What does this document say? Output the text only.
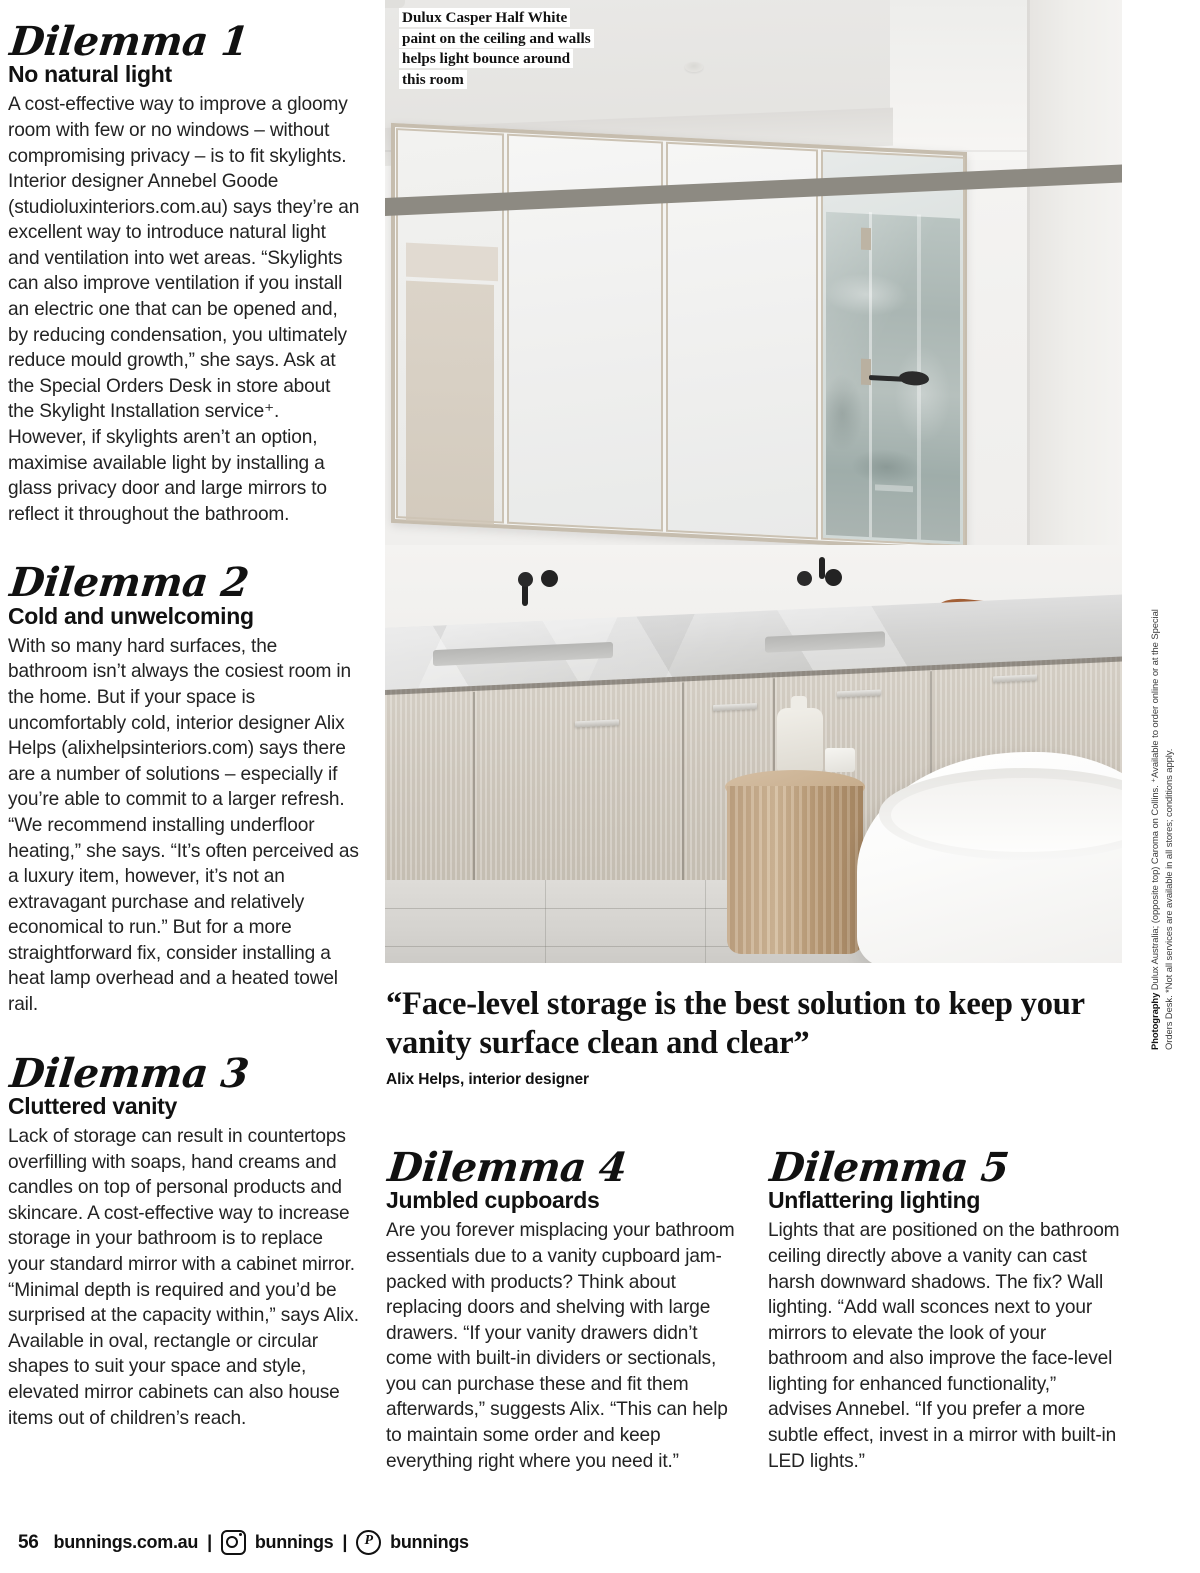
Dilemma 1

No natural light

A cost-effective way to improve a gloomy room with few or no windows – without compromising privacy – is to fit skylights. Interior designer Annebel Goode (studioluxinteriors.com.au) says they’re an excellent way to introduce natural light and ventilation into wet areas. “Skylights can also improve ventilation if you install an electric one that can be opened and, by reducing condensation, you ultimately reduce mould growth,” she says. Ask at the Special Orders Desk in store about the Skylight Installation service⁺. However, if skylights aren’t an option, maximise available light by installing a glass privacy door and large mirrors to reflect it throughout the bathroom.

Dilemma 2

Cold and unwelcoming

With so many hard surfaces, the bathroom isn’t always the cosiest room in the home. But if your space is uncomfortably cold, interior designer Alix Helps (alixhelpsinteriors.com) says there are a number of solutions – especially if you’re able to commit to a larger refresh. “We recommend installing underfloor heating,” she says. “It’s often perceived as a luxury item, however, it’s not an extravagant purchase and relatively economical to run.” But for a more straightforward fix, consider installing a heat lamp overhead and a heated towel rail.

Dilemma 3

Cluttered vanity

Lack of storage can result in countertops overfilling with soaps, hand creams and candles on top of personal products and skincare. A cost-effective way to increase storage in your bathroom is to replace your standard mirror with a cabinet mirror. “Minimal depth is required and you’d be surprised at the capacity within,” says Alix. Available in oval, rectangle or circular shapes to suit your space and style, elevated mirror cabinets can also house items out of children’s reach.

Dulux Casper Half White paint on the ceiling and walls helps light bounce around this room

“Face-level storage is the best solution to keep your vanity surface clean and clear”

Alix Helps, interior designer

Dilemma 4

Jumbled cupboards

Are you forever misplacing your bathroom essentials due to a vanity cupboard jam-packed with products? Think about replacing doors and shelving with large drawers. “If your vanity drawers didn’t come with built-in dividers or sectionals, you can purchase these and fit them afterwards,” suggests Alix. “This can help to maintain some order and keep everything right where you need it.”

Dilemma 5

Unflattering lighting

Lights that are positioned on the bathroom ceiling directly above a vanity can cast harsh downward shadows. The fix? Wall lighting. “Add wall sconces next to your mirrors to elevate the look of your bathroom and also improve the face-level lighting for enhanced functionality,” advises Annebel. “If you prefer a more subtle effect, invest in a mirror with built-in LED lights.”

Photography Dulux Australia; (opposite top) Caroma on Collins. ⁺Available to order online or at the Special Orders Desk. *Not all services are available in all stores; conditions apply.
56 bunnings.com.au | bunnings |	P bunnings
